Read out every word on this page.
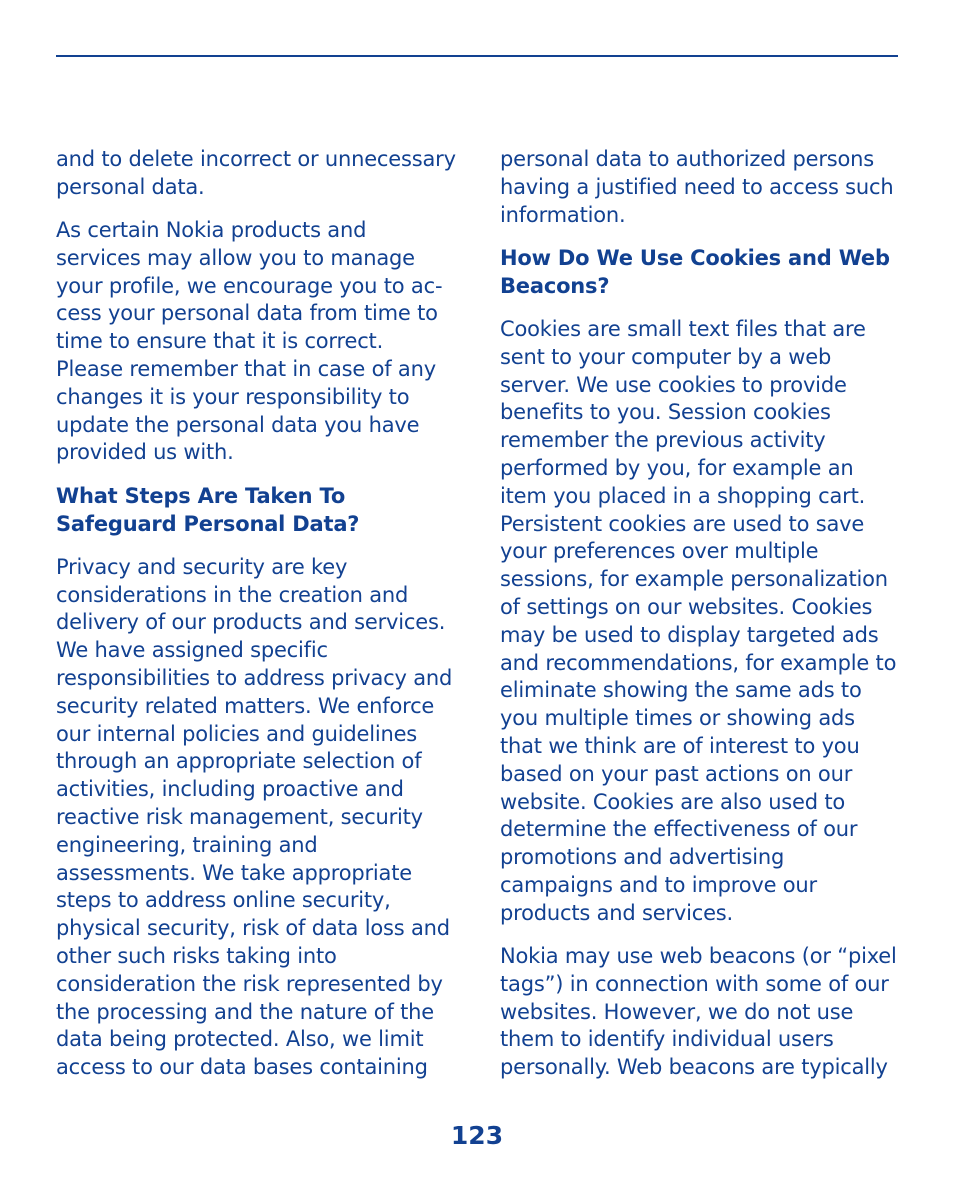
and to delete incorrect or unnecessary personal data.

As certain Nokia products and services may allow you to manage your profile, we encourage you to access your personal data from time to time to ensure that it is correct. Please remember that in case of any changes it is your responsibility to update the personal data you have provided us with.

What Steps Are Taken To Safeguard Personal Data?

Privacy and security are key considerations in the creation and delivery of our products and services. We have assigned specific responsibilities to address privacy and security related matters. We enforce our internal policies and guidelines through an appropriate selection of activities, including proactive and reactive risk management, security engineering, training and assessments. We take appropriate steps to address online security, physical security, risk of data loss and other such risks taking into consideration the risk represented by the processing and the nature of the data being protected. Also, we limit access to our data bases containing

personal data to authorized persons having a justified need to access such information.

How Do We Use Cookies and Web Beacons?

Cookies are small text files that are sent to your computer by a web server. We use cookies to provide benefits to you. Session cookies remember the previous activity performed by you, for example an item you placed in a shopping cart. Persistent cookies are used to save your preferences over multiple sessions, for example personalization of settings on our websites. Cookies may be used to display targeted ads and recommendations, for example to eliminate showing the same ads to you multiple times or showing ads that we think are of interest to you based on your past actions on our website. Cookies are also used to determine the effectiveness of our promotions and advertising campaigns and to improve our products and services.

Nokia may use web beacons (or “pixel tags”) in connection with some of our websites. However, we do not use them to identify individual users personally. Web beacons are typically

123
